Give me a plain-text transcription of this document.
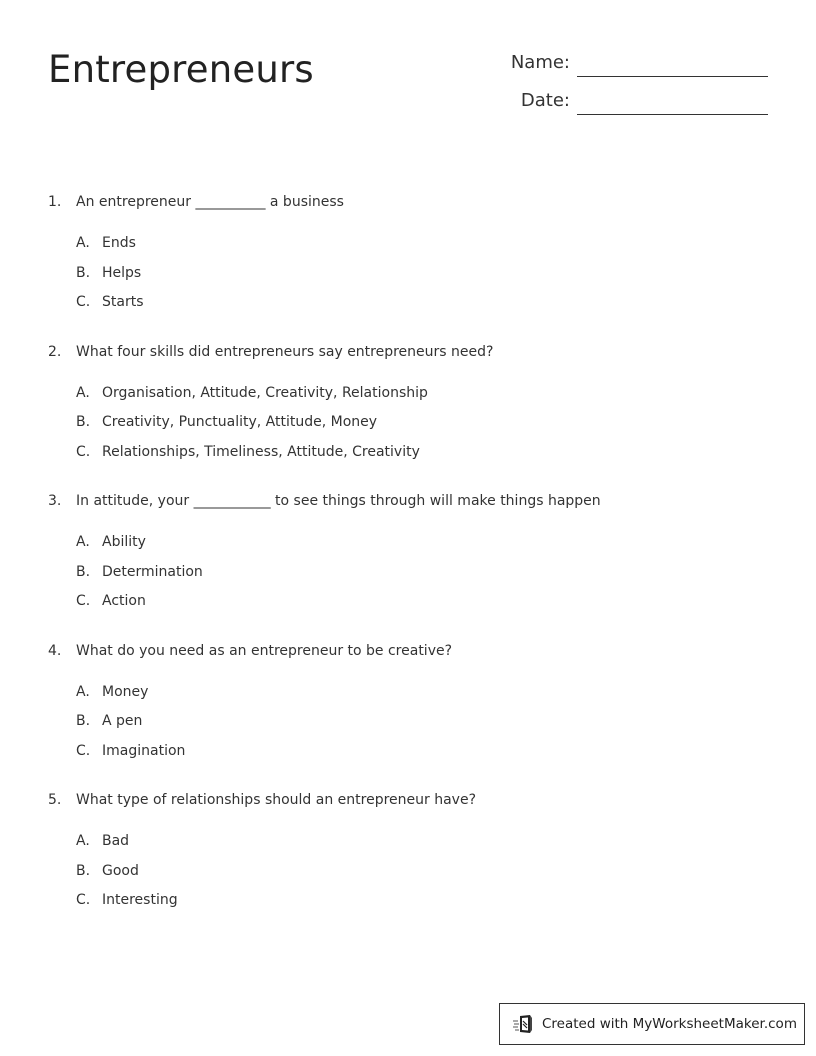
Entrepreneurs	Name:
Date:
1.	An entrepreneur __________ a business
A. Ends
B. Helps
C. Starts
2.	What four skills did entrepreneurs say entrepreneurs need?
A. Organisation, Attitude, Creativity, Relationship
B. Creativity, Punctuality, Attitude, Money
C. Relationships, Timeliness, Attitude, Creativity
3.	In attitude, your ___________ to see things through will make things happen
A. Ability
B. Determination
C. Action
4.	What do you need as an entrepreneur to be creative?
A. Money
B. A pen
C. Imagination
5.	What type of relationships should an entrepreneur have?
A. Bad
B. Good
C. Interesting
Created with MyWorksheetMaker.com
